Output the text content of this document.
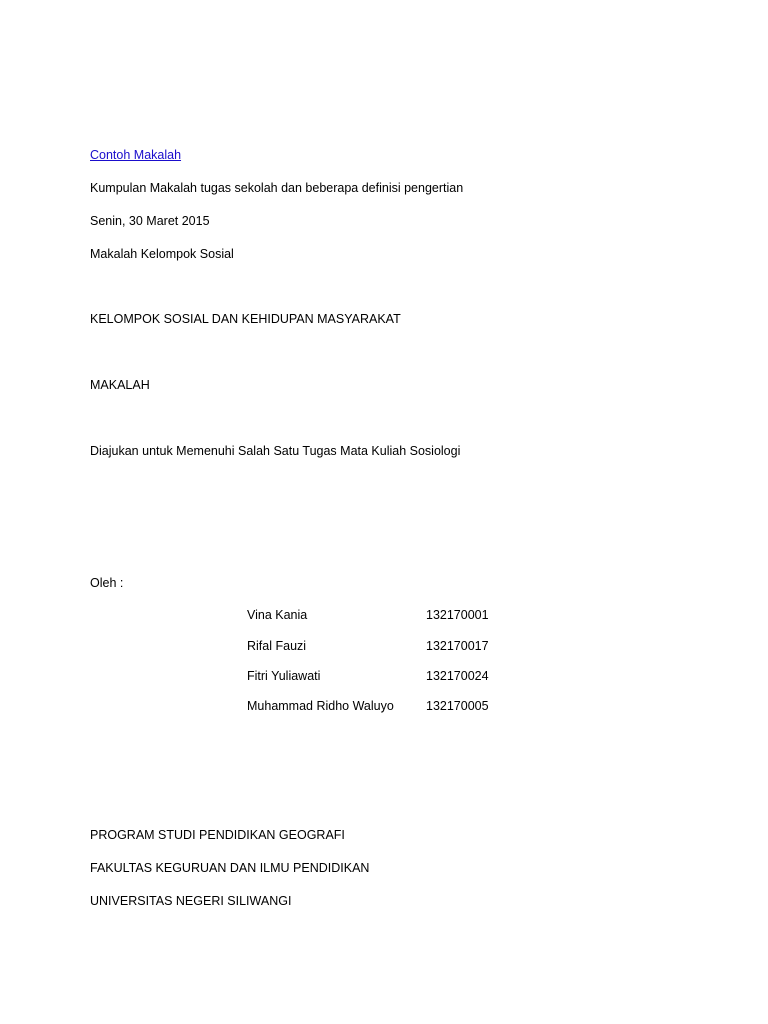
Contoh Makalah
Kumpulan Makalah tugas sekolah dan beberapa definisi pengertian
Senin, 30 Maret 2015
Makalah Kelompok Sosial
KELOMPOK SOSIAL DAN KEHIDUPAN MASYARAKAT
MAKALAH
Diajukan untuk Memenuhi Salah Satu Tugas Mata Kuliah Sosiologi
Oleh :
Vina Kania	132170001
Rifal Fauzi	132170017
Fitri Yuliawati	132170024
Muhammad Ridho Waluyo	132170005
PROGRAM STUDI PENDIDIKAN GEOGRAFI
FAKULTAS KEGURUAN DAN ILMU PENDIDIKAN
UNIVERSITAS NEGERI SILIWANGI
